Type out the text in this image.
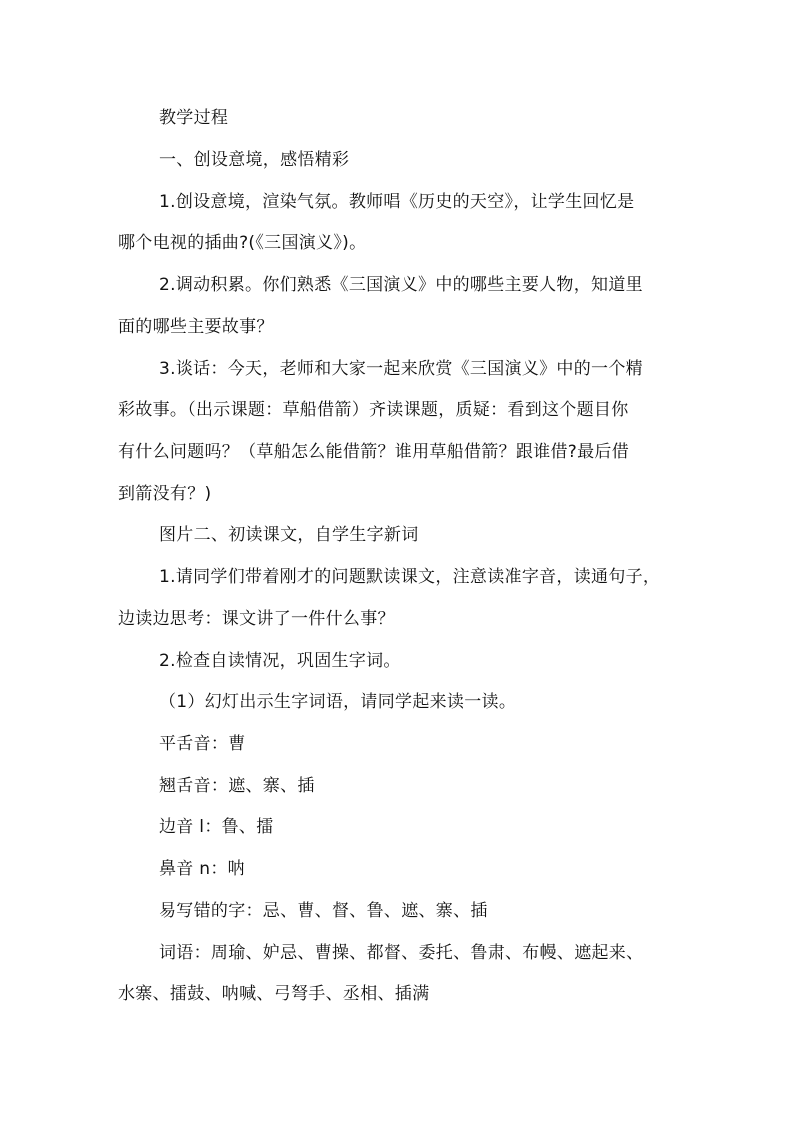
教学过程
一、创设意境，感悟精彩
1.创设意境，渲染气氛。教师唱《历史的天空》，让学生回忆是
哪个电视的插曲?(《三国演义》)。
2.调动积累。你们熟悉《三国演义》中的哪些主要人物，知道里
面的哪些主要故事？
3.谈话：今天，老师和大家一起来欣赏《三国演义》中的一个精
彩故事。（出示课题：草船借箭）齐读课题，质疑：看到这个题目你
有什么问题吗？（草船怎么能借箭？谁用草船借箭？跟谁借?最后借
到箭没有？)
图片二、初读课文，自学生字新词
1.请同学们带着刚才的问题默读课文，注意读准字音，读通句子，
边读边思考：课文讲了一件什么事？
2.检查自读情况，巩固生字词。
（1）幻灯出示生字词语，请同学起来读一读。
平舌音：曹
翘舌音：遮、寨、插
边音 l：鲁、擂
鼻音 n：呐
易写错的字：忌、曹、督、鲁、遮、寨、插
词语：周瑜、妒忌、曹操、都督、委托、鲁肃、布幔、遮起来、
水寨、擂鼓、呐喊、弓弩手、丞相、插满
